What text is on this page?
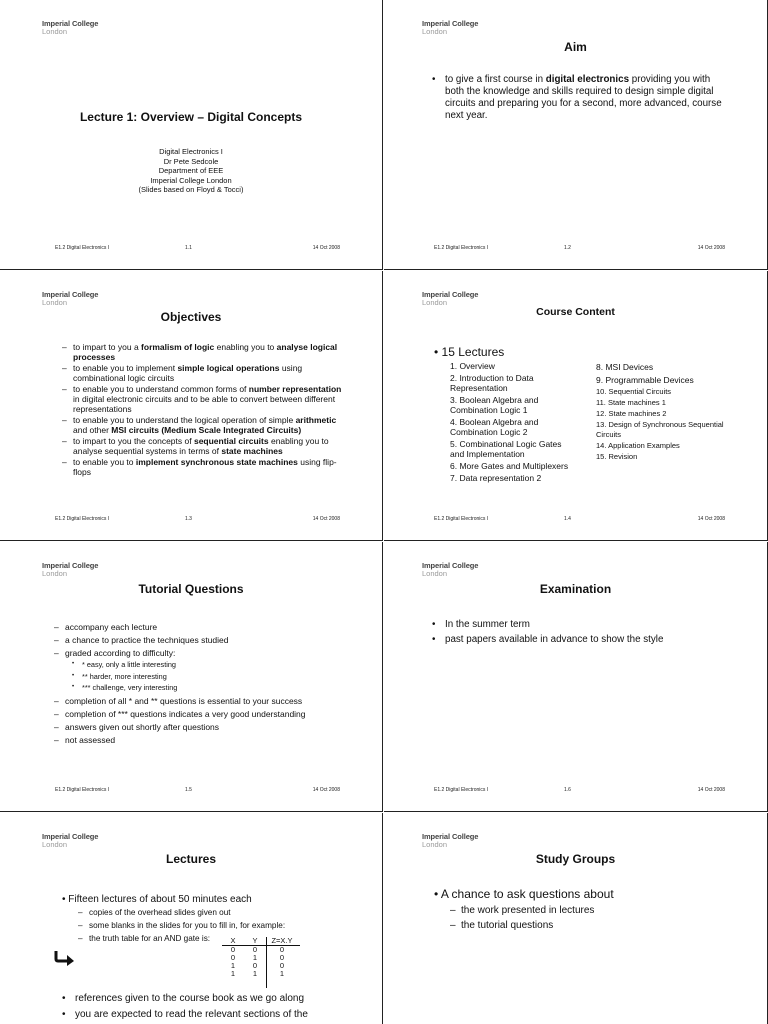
Imperial College
London
Lecture 1: Overview – Digital Concepts
Digital Electronics I
Dr Pete Sedcole
Department of EEE
Imperial College London
(Slides based on Floyd & Tocci)
E1.2 Digital Electronics I	1.1	14 Oct 2008
Imperial College
London
Aim
• to give a first course in digital electronics providing you with both the knowledge and skills required to design simple digital circuits and preparing you for a second, more advanced, course next year.
E1.2 Digital Electronics I	1.2	14 Oct 2008
Imperial College
London
Objectives
– to impart to you a formalism of logic enabling you to analyse logical processes
– to enable you to implement simple logical operations using combinational logic circuits
– to enable you to understand common forms of number representation in digital electronic circuits and to be able to convert between different representations
– to enable you to understand the logical operation of simple arithmetic and other MSI circuits (Medium Scale Integrated Circuits)
– to impart to you the concepts of sequential circuits enabling you to analyse sequential systems in terms of state machines
– to enable you to implement synchronous state machines using flip-flops
E1.2 Digital Electronics I	1.3	14 Oct 2008
Imperial College
London
Course Content
• 15 Lectures
1. Overview
2. Introduction to Data Representation
3. Boolean Algebra and Combination Logic 1
4. Boolean Algebra and Combination Logic 2
5. Combinational Logic Gates and Implementation
6. More Gates and Multiplexers
7. Data representation 2
8. MSI Devices
9. Programmable Devices
10. Sequential Circuits
11. State machines 1
12. State machines 2
13. Design of Synchronous Sequential Circuits
14. Application Examples
15. Revision
E1.2 Digital Electronics I	1.4	14 Oct 2008
Imperial College
London
Tutorial Questions
– accompany each lecture
– a chance to practice the techniques studied
– graded according to difficulty:
• * easy, only a little interesting
• ** harder, more interesting
• *** challenge, very interesting
– completion of all * and ** questions is essential to your success
– completion of *** questions indicates a very good understanding
– answers given out shortly after questions
– not assessed
E1.2 Digital Electronics I	1.5	14 Oct 2008
Imperial College
London
Examination
• In the summer term
• past papers available in advance to show the style
E1.2 Digital Electronics I	1.6	14 Oct 2008
Imperial College
London
Lectures
• Fifteen lectures of about 50 minutes each
– copies of the overhead slides given out
– some blanks in the slides for you to fill in, for example:
– the truth table for an AND gate is:	X	Y	Z=X.Y
0	0	0
0	1	0
1	0	0
1	1	1
• references given to the course book as we go along
• you are expected to read the relevant sections of the
Imperial College
London
Study Groups
• A chance to ask questions about
– the work presented in lectures
– the tutorial questions
